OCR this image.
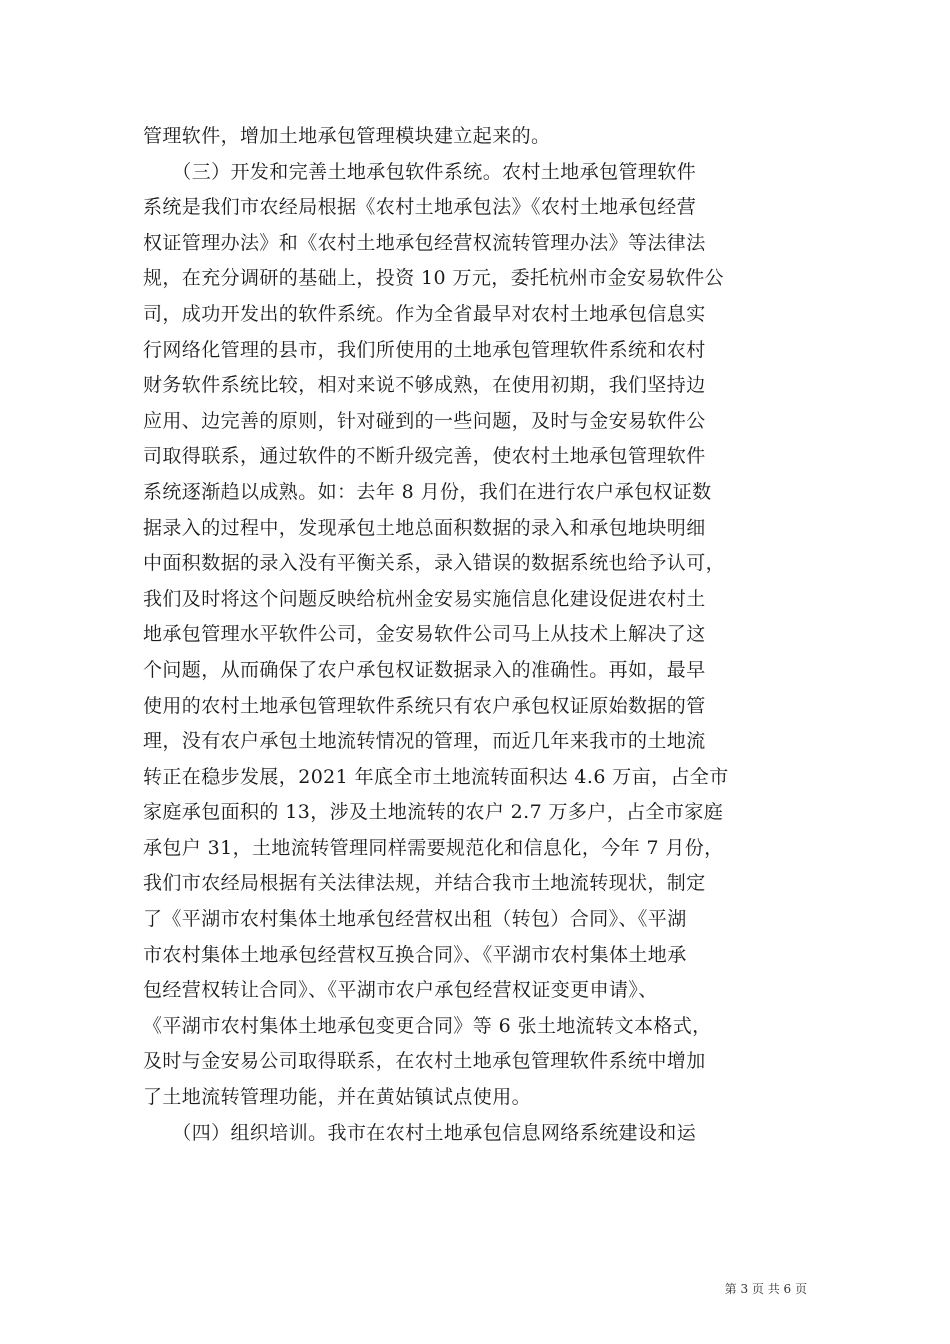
管理软件，增加土地承包管理模块建立起来的。
　　（三）开发和完善土地承包软件系统。农村土地承包管理软件
系统是我们市农经局根据《农村土地承包法》《农村土地承包经营
权证管理办法》和《农村土地承包经营权流转管理办法》等法律法
规，在充分调研的基础上，投资 10 万元，委托杭州市金安易软件公
司，成功开发出的软件系统。作为全省最早对农村土地承包信息实
行网络化管理的县市，我们所使用的土地承包管理软件系统和农村
财务软件系统比较，相对来说不够成熟，在使用初期，我们坚持边
应用、边完善的原则，针对碰到的一些问题，及时与金安易软件公
司取得联系，通过软件的不断升级完善，使农村土地承包管理软件
系统逐渐趋以成熟。如：去年 8 月份，我们在进行农户承包权证数
据录入的过程中，发现承包土地总面积数据的录入和承包地块明细
中面积数据的录入没有平衡关系，录入错误的数据系统也给予认可，
我们及时将这个问题反映给杭州金安易实施信息化建设促进农村土
地承包管理水平软件公司，金安易软件公司马上从技术上解决了这
个问题，从而确保了农户承包权证数据录入的准确性。再如，最早
使用的农村土地承包管理软件系统只有农户承包权证原始数据的管
理，没有农户承包土地流转情况的管理，而近几年来我市的土地流
转正在稳步发展，2021 年底全市土地流转面积达 4.6 万亩，占全市
家庭承包面积的 13，涉及土地流转的农户 2.7 万多户，占全市家庭
承包户 31，土地流转管理同样需要规范化和信息化，今年 7 月份，
我们市农经局根据有关法律法规，并结合我市土地流转现状，制定
了《平湖市农村集体土地承包经营权出租（转包）合同》、《平湖
市农村集体土地承包经营权互换合同》、《平湖市农村集体土地承
包经营权转让合同》、《平湖市农户承包经营权证变更申请》、
《平湖市农村集体土地承包变更合同》等 6 张土地流转文本格式，
及时与金安易公司取得联系，在农村土地承包管理软件系统中增加
了土地流转管理功能，并在黄姑镇试点使用。
　　（四）组织培训。我市在农村土地承包信息网络系统建设和运
第 3 页 共 6 页
